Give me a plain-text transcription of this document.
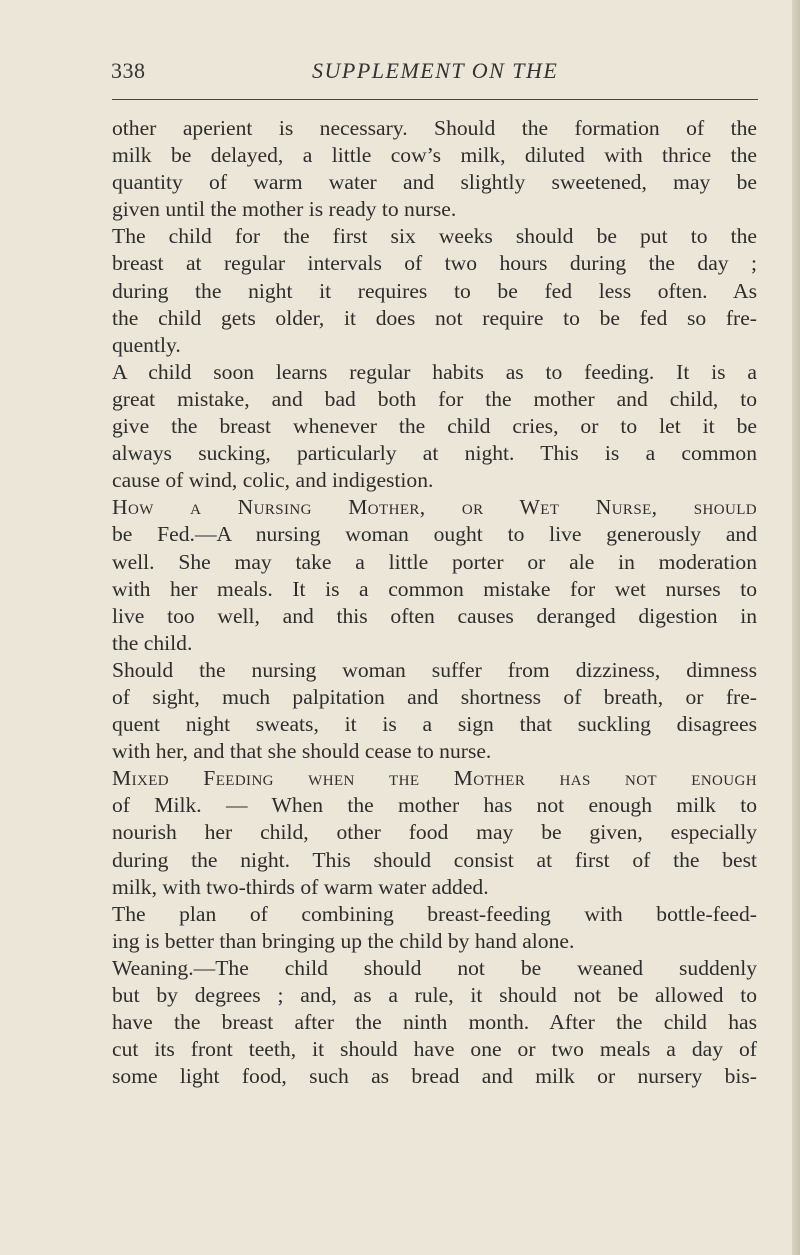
338	SUPPLEMENT ON THE
other aperient is necessary. Should the formation of the
milk be delayed, a little cow’s milk, diluted with thrice the
quantity of warm water and slightly sweetened, may be
given until the mother is ready to nurse.
The child for the first six weeks should be put to the
breast at regular intervals of two hours during the day ;
during the night it requires to be fed less often. As
the child gets older, it does not require to be fed so fre-
quently.
A child soon learns regular habits as to feeding. It is a
great mistake, and bad both for the mother and child, to
give the breast whenever the child cries, or to let it be
always sucking, particularly at night. This is a common
cause of wind, colic, and indigestion.
How a Nursing Mother, or Wet Nurse, should
be Fed.—A nursing woman ought to live generously and
well. She may take a little porter or ale in moderation
with her meals. It is a common mistake for wet nurses to
live too well, and this often causes deranged digestion in
the child.
Should the nursing woman suffer from dizziness, dimness
of sight, much palpitation and shortness of breath, or fre-
quent night sweats, it is a sign that suckling disagrees
with her, and that she should cease to nurse.
Mixed Feeding when the Mother has not enough
of Milk. — When the mother has not enough milk to
nourish her child, other food may be given, especially
during the night. This should consist at first of the best
milk, with two-thirds of warm water added.
The plan of combining breast-feeding with bottle-feed-
ing is better than bringing up the child by hand alone.
Weaning.—The child should not be weaned suddenly
but by degrees ; and, as a rule, it should not be allowed to
have the breast after the ninth month. After the child has
cut its front teeth, it should have one or two meals a day of
some light food, such as bread and milk or nursery bis-
